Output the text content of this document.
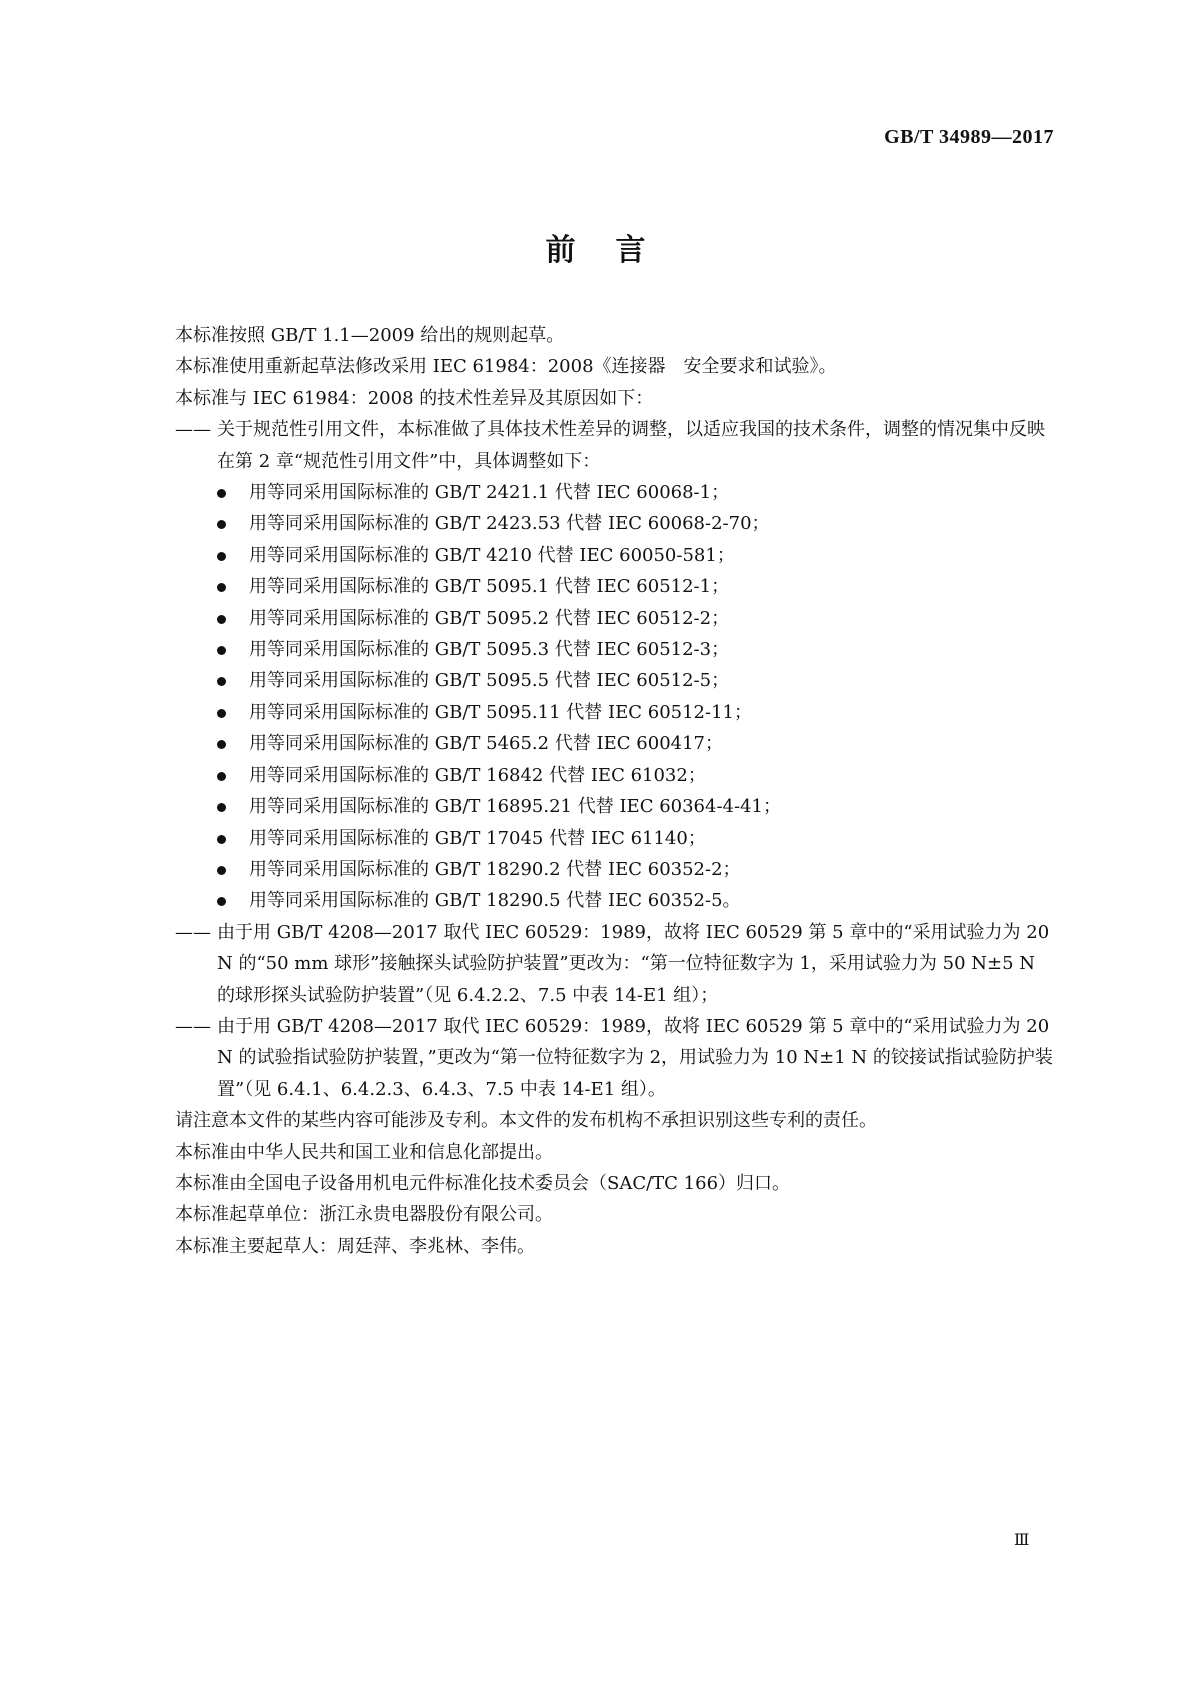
GB/T 34989—2017
前言

本标准按照 GB/T 1.1—2009 给出的规则起草。

本标准使用重新起草法修改采用 IEC 61984：2008《连接器　安全要求和试验》。

本标准与 IEC 61984：2008 的技术性差异及其原因如下：

—— 关于规范性引用文件，本标准做了具体技术性差异的调整，以适应我国的技术条件，调整的情况集中反映在第 2 章“规范性引用文件”中，具体调整如下：

用等同采用国际标准的 GB/T 2421.1 代替 IEC 60068-1；

用等同采用国际标准的 GB/T 2423.53 代替 IEC 60068-2-70；

用等同采用国际标准的 GB/T 4210 代替 IEC 60050-581；

用等同采用国际标准的 GB/T 5095.1 代替 IEC 60512-1；

用等同采用国际标准的 GB/T 5095.2 代替 IEC 60512-2；

用等同采用国际标准的 GB/T 5095.3 代替 IEC 60512-3；

用等同采用国际标准的 GB/T 5095.5 代替 IEC 60512-5；

用等同采用国际标准的 GB/T 5095.11 代替 IEC 60512-11；

用等同采用国际标准的 GB/T 5465.2 代替 IEC 600417；

用等同采用国际标准的 GB/T 16842 代替 IEC 61032；

用等同采用国际标准的 GB/T 16895.21 代替 IEC 60364-4-41；

用等同采用国际标准的 GB/T 17045 代替 IEC 61140；

用等同采用国际标准的 GB/T 18290.2 代替 IEC 60352-2；

用等同采用国际标准的 GB/T 18290.5 代替 IEC 60352-5。

—— 由于用 GB/T 4208—2017 取代 IEC 60529：1989，故将 IEC 60529 第 5 章中的“采用试验力为 20 N 的“50 mm 球形”接触探头试验防护装置”更改为：“第一位特征数字为 1，采用试验力为 50 N±5 N 的球形探头试验防护装置”（见 6.4.2.2、7.5 中表 14-E1 组）；

—— 由于用 GB/T 4208—2017 取代 IEC 60529：1989，故将 IEC 60529 第 5 章中的“采用试验力为 20 N 的试验指试验防护装置，”更改为“第一位特征数字为 2，用试验力为 10 N±1 N 的铰接试指试验防护装置”（见 6.4.1、6.4.2.3、6.4.3、7.5 中表 14-E1 组）。

请注意本文件的某些内容可能涉及专利。本文件的发布机构不承担识别这些专利的责任。

本标准由中华人民共和国工业和信息化部提出。

本标准由全国电子设备用机电元件标准化技术委员会（SAC/TC 166）归口。

本标准起草单位：浙江永贵电器股份有限公司。

本标准主要起草人：周廷萍、李兆林、李伟。

Ⅲ
